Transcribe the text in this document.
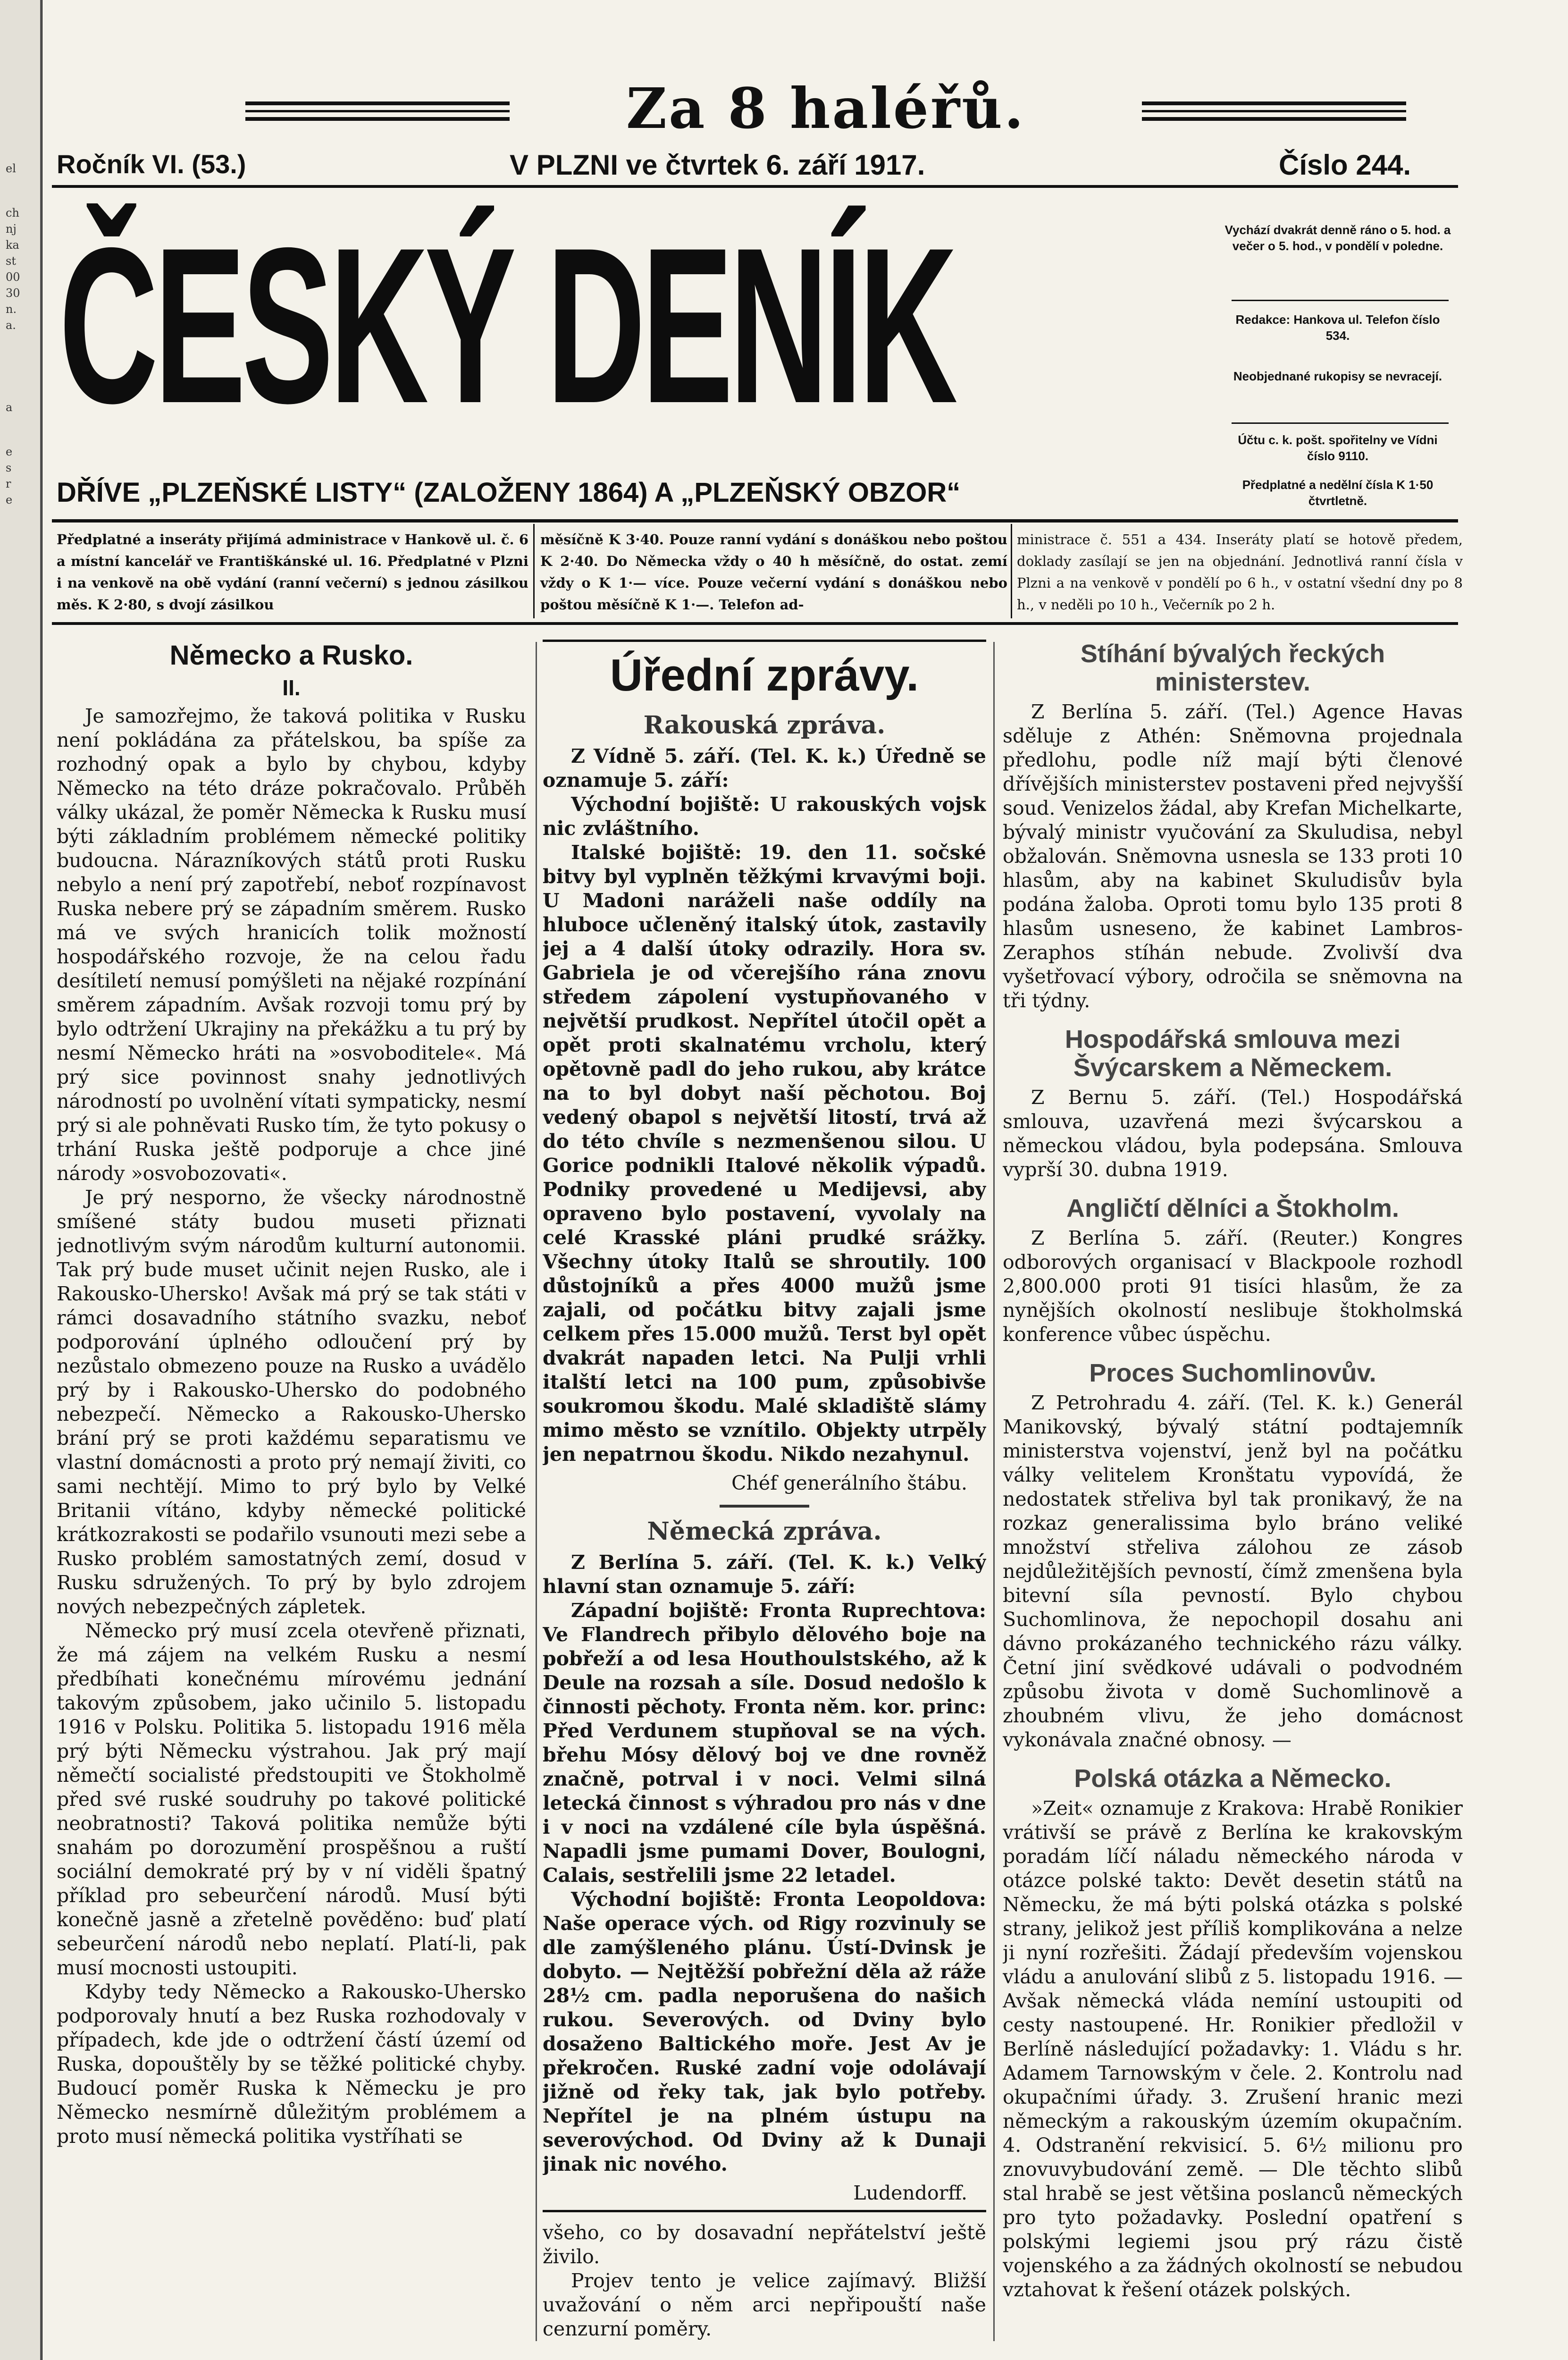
el
ch
nj
ka
st
00
30
n.
a.
a
e
s
r
e
Za 8 haléřů.
Ročník VI. (53.)	V PLZNI ve čtvrtek 6. září 1917.	Číslo 244.
ČESKÝ DENÍK
DŘÍVE „PLZEŇSKÉ LISTY“ (ZALOŽENY 1864) A „PLZEŇSKÝ OBZOR“
Vychází dvakrát denně ráno o 5. hod. a večer o 5. hod., v pondělí v poledne.
Redakce: Hankova ul. Telefon číslo 534.
Neobjednané rukopisy se nevracejí.
Účtu c. k. pošt. spořitelny ve Vídni číslo 9110.
Předplatné a nedělní čísla K 1·50 čtvrtletně.
Předplatné a inseráty přijímá administrace v Hankově ul. č. 6 a místní kancelář ve Františkánské ul. 16. Předplatné v Plzni i na venkově na obě vydání (ranní večerní) s jednou zásilkou měs. K 2·80, s dvojí zásilkou
měsíčně K 3·40. Pouze ranní vydání s donáškou nebo poštou K 2·40. Do Německa vždy o 40 h měsíčně, do ostat. zemí vždy o K 1·— více. Pouze večerní vydání s donáškou nebo poštou měsíčně K 1·—. Telefon ad-
ministrace č. 551 a 434. Inseráty platí se hotově předem, doklady zasílají se jen na objednání. Jednotlivá ranní čísla v Plzni a na venkově v pondělí po 6 h., v ostatní všední dny po 8 h., v neděli po 10 h., Večerník po 2 h.
Německo a Rusko.
II.

Je samozřejmo, že taková politika v Rusku není pokládána za přátelskou, ba spíše za rozhodný opak a bylo by chybou, kdyby Německo na této dráze pokračovalo. Průběh války ukázal, že poměr Německa k Rusku musí býti základním problémem německé politiky budoucna. Nárazníkových států proti Rusku nebylo a není prý zapotřebí, neboť rozpínavost Ruska nebere prý se západním směrem. Rusko má ve svých hranicích tolik možností hospodářského rozvoje, že na celou řadu desítiletí nemusí pomýšleti na nějaké rozpínání směrem západním. Avšak rozvoji tomu prý by bylo odtržení Ukrajiny na překážku a tu prý by nesmí Německo hráti na »osvoboditele«. Má prý sice povinnost snahy jednotlivých národností po uvolnění vítati sympaticky, nesmí prý si ale pohněvati Rusko tím, že tyto pokusy o trhání Ruska ještě podporuje a chce jiné národy »osvobozovati«.

Je prý nesporno, že všecky národnostně smíšené státy budou museti přiznati jednotlivým svým národům kulturní autonomii. Tak prý bude muset učinit nejen Rusko, ale i Rakousko-Uhersko! Avšak má prý se tak státi v rámci dosavadního státního svazku, neboť podporování úplného odloučení prý by nezůstalo obmezeno pouze na Rusko a uvádělo prý by i Rakousko-Uhersko do podobného nebezpečí. Německo a Rakousko-Uhersko brání prý se proti každému separatismu ve vlastní domácnosti a proto prý nemají živiti, co sami nechtějí. Mimo to prý bylo by Velké Britanii vítáno, kdyby německé politické krátkozrakosti se podařilo vsunouti mezi sebe a Rusko problém samostatných zemí, dosud v Rusku sdružených. To prý by bylo zdrojem nových nebezpečných zápletek.

Německo prý musí zcela otevřeně přiznati, že má zájem na velkém Rusku a nesmí předbíhati konečnému mírovému jednání takovým způsobem, jako učinilo 5. listopadu 1916 v Polsku. Politika 5. listopadu 1916 měla prý býti Německu výstrahou. Jak prý mají němečtí socialisté předstoupiti ve Štokholmě před své ruské soudruhy po takové politické neobratnosti? Taková politika nemůže býti snahám po dorozumění prospěšnou a ruští sociální demokraté prý by v ní viděli špatný příklad pro sebeurčení národů. Musí býti konečně jasně a zřetelně pověděno: buď platí sebeurčení národů nebo neplatí. Platí-li, pak musí mocnosti ustoupiti.

Kdyby tedy Německo a Rakousko-Uhersko podporovaly hnutí a bez Ruska rozhodovaly v případech, kde jde o odtržení částí území od Ruska, dopouštěly by se těžké politické chyby. Budoucí poměr Ruska k Německu je pro Německo nesmírně důležitým problémem a proto musí německá politika vystříhati se

Úřední zprávy.
Rakouská zpráva.

Z Vídně 5. září. (Tel. K. k.) Úředně se oznamuje 5. září:

Východní bojiště: U rakouských vojsk nic zvláštního.

Italské bojiště: 19. den 11. sočské bitvy byl vyplněn těžkými krvavými boji. U Madoni naráželi naše oddíly na hluboce učleněný italský útok, zastavily jej a 4 další útoky odrazily. Hora sv. Gabriela je od včerejšího rána znovu středem zápolení vystupňovaného v největší prudkost. Nepřítel útočil opět a opět proti skalnatému vrcholu, který opětovně padl do jeho rukou, aby krátce na to byl dobyt naší pěchotou. Boj vedený obapol s největší litostí, trvá až do této chvíle s nezmenšenou silou. U Gorice podnikli Italové několik výpadů. Podniky provedené u Medijevsi, aby opraveno bylo postavení, vyvolaly na celé Krasské pláni prudké srážky. Všechny útoky Italů se shroutily. 100 důstojníků a přes 4000 mužů jsme zajali, od počátku bitvy zajali jsme celkem přes 15.000 mužů. Terst byl opět dvakrát napaden letci. Na Pulji vrhli italští letci na 100 pum, způsobivše soukromou škodu. Malé skladiště slámy mimo město se vznítilo. Objekty utrpěly jen nepatrnou škodu. Nikdo nezahynul.

Chéf generálního štábu.
Německá zpráva.

Z Berlína 5. září. (Tel. K. k.) Velký hlavní stan oznamuje 5. září:

Západní bojiště: Fronta Ruprechtova: Ve Flandrech přibylo dělového boje na pobřeží a od lesa Houthoulstského, až k Deule na rozsah a síle. Dosud nedošlo k činnosti pěchoty. Fronta něm. kor. princ: Před Verdunem stupňoval se na vých. břehu Mósy dělový boj ve dne rovněž značně, potrval i v noci. Velmi silná letecká činnost s výhradou pro nás v dne i v noci na vzdálené cíle byla úspěšná. Napadli jsme pumami Dover, Boulogni, Calais, sestřelili jsme 22 letadel.

Východní bojiště: Fronta Leopoldova: Naše operace vých. od Rigy rozvinuly se dle zamýšleného plánu. Ústí-Dvinsk je dobyto. — Nejtěžší pobřežní děla až ráže 28½ cm. padla neporušena do našich rukou. Severových. od Dviny bylo dosaženo Baltického moře. Jest Av je překročen. Ruské zadní voje odolávají jižně od řeky tak, jak bylo potřeby. Nepřítel je na plném ústupu na severovýchod. Od Dviny až k Dunaji jinak nic nového.

Ludendorff.

všeho, co by dosavadní nepřátelství ještě živilo.

Projev tento je velice zajímavý. Bližší uvažování o něm arci nepřipouští naše cenzurní poměry.

Stíhání bývalých řeckých ministerstev.

Z Berlína 5. září. (Tel.) Agence Havas sděluje z Athén: Sněmovna projednala předlohu, podle níž mají býti členové dřívějších ministerstev postaveni před nejvyšší soud. Venizelos žádal, aby Krefan Michelkarte, bývalý ministr vyučování za Skuludisa, nebyl obžalován. Sněmovna usnesla se 133 proti 10 hlasům, aby na kabinet Skuludisův byla podána žaloba. Oproti tomu bylo 135 proti 8 hlasům usneseno, že kabinet Lambros-Zeraphos stíhán nebude. Zvolivší dva vyšetřovací výbory, odročila se sněmovna na tři týdny.

Hospodářská smlouva mezi Švýcarskem a Německem.

Z Bernu 5. září. (Tel.) Hospodářská smlouva, uzavřená mezi švýcarskou a německou vládou, byla podepsána. Smlouva vyprší 30. dubna 1919.

Angličtí dělníci a Štokholm.

Z Berlína 5. září. (Reuter.) Kongres odborových organisací v Blackpoole rozhodl 2,800.000 proti 91 tisíci hlasům, že za nynějších okolností neslibuje štokholmská konference vůbec úspěchu.

Proces Suchomlinovův.

Z Petrohradu 4. září. (Tel. K. k.) Generál Manikovský, bývalý státní podtajemník ministerstva vojenství, jenž byl na počátku války velitelem Kronštatu vypovídá, že nedostatek střeliva byl tak pronikavý, že na rozkaz generalissima bylo bráno veliké množství střeliva zálohou ze zásob nejdůležitějších pevností, čímž zmenšena byla bitevní síla pevností. Bylo chybou Suchomlinova, že nepochopil dosahu ani dávno prokázaného technického rázu války. Četní jiní svědkové udávali o podvodném způsobu života v domě Suchomlinově a zhoubném vlivu, že jeho domácnost vykonávala značné obnosy. —

Polská otázka a Německo.

»Zeit« oznamuje z Krakova: Hrabě Ronikier vrátivší se právě z Berlína ke krakovským poradám líčí náladu německého národa v otázce polské takto: Devět desetin států na Německu, že má býti polská otázka s polské strany, jelikož jest příliš komplikována a nelze ji nyní rozřešiti. Žádají především vojenskou vládu a anulování slibů z 5. listopadu 1916. — Avšak německá vláda nemíní ustoupiti od cesty nastoupené. Hr. Ronikier předložil v Berlíně následující požadavky: 1. Vládu s hr. Adamem Tarnowským v čele. 2. Kontrolu nad okupačními úřady. 3. Zrušení hranic mezi německým a rakouským územím okupačním. 4. Odstranění rekvisicí. 5. 6½ milionu pro znovuvybudování země. — Dle těchto slibů stal hrabě se jest většina poslanců německých pro tyto požadavky. Poslední opatření s polskými legiemi jsou prý rázu čistě vojenského a za žádných okolností se nebudou vztahovat k řešení otázek polských.
